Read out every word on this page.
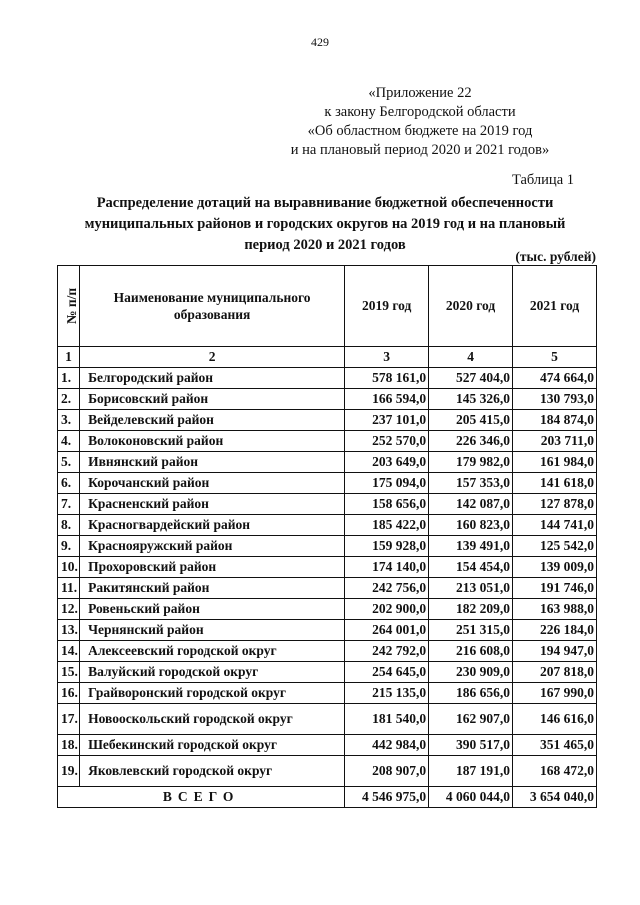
429
«Приложение 22
к закону Белгородской области
«Об областном бюджете на 2019 год
и на плановый период 2020 и 2021 годов»
Таблица 1
Распределение дотаций на выравнивание бюджетной обеспеченности муниципальных районов и городских округов на 2019 год и на плановый период 2020 и 2021 годов
(тыс. рублей)
№ п/п	Наименование муниципального образования	2019 год	2020 год	2021 год
1	2	3	4	5
1.	Белгородский район	578 161,0	527 404,0	474 664,0
2.	Борисовский район	166 594,0	145 326,0	130 793,0
3.	Вейделевский район	237 101,0	205 415,0	184 874,0
4.	Волоконовский район	252 570,0	226 346,0	203 711,0
5.	Ивнянский район	203 649,0	179 982,0	161 984,0
6.	Корочанский район	175 094,0	157 353,0	141 618,0
7.	Красненский район	158 656,0	142 087,0	127 878,0
8.	Красногвардейский район	185 422,0	160 823,0	144 741,0
9.	Краснояружский район	159 928,0	139 491,0	125 542,0
10.	Прохоровский район	174 140,0	154 454,0	139 009,0
11.	Ракитянский район	242 756,0	213 051,0	191 746,0
12.	Ровеньский район	202 900,0	182 209,0	163 988,0
13.	Чернянский район	264 001,0	251 315,0	226 184,0
14.	Алексеевский городской округ	242 792,0	216 608,0	194 947,0
15.	Валуйский городской округ	254 645,0	230 909,0	207 818,0
16.	Грайворонский городской округ	215 135,0	186 656,0	167 990,0
17.	Новооскольский городской округ	181 540,0	162 907,0	146 616,0
18.	Шебекинский городской округ	442 984,0	390 517,0	351 465,0
19.	Яковлевский городской округ	208 907,0	187 191,0	168 472,0
ВСЕГО		4 546 975,0	4 060 044,0	3 654 040,0
